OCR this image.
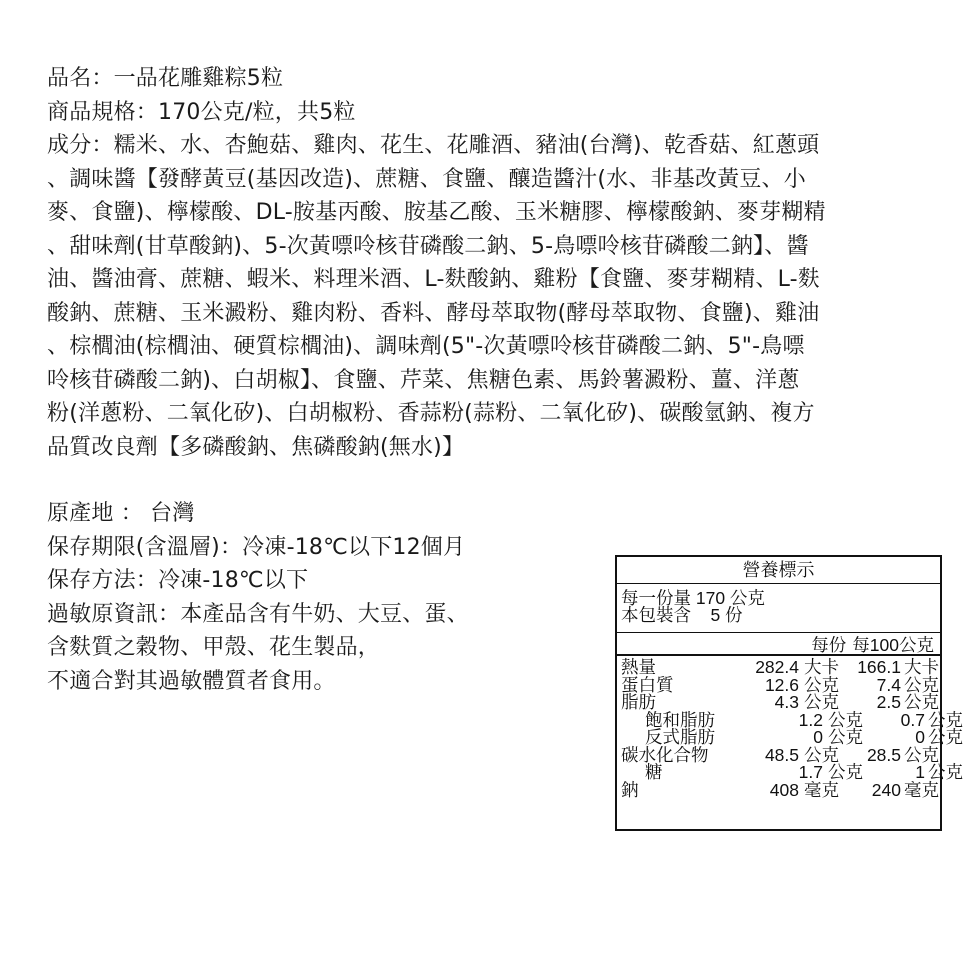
品名：一品花雕雞粽5粒

商品規格：170公克/粒，共5粒

成分：糯米、水、杏鮑菇、雞肉、花生、花雕酒、豬油(台灣)、乾香菇、紅蔥頭
、調味醬【發酵黃豆(基因改造)、蔗糖、食鹽、釀造醬汁(水、非基改黃豆、小
麥、食鹽)、檸檬酸、DL-胺基丙酸、胺基乙酸、玉米糖膠、檸檬酸鈉、麥芽糊精
、甜味劑(甘草酸鈉)、5-次黃嘌呤核苷磷酸二鈉、5-鳥嘌呤核苷磷酸二鈉】、醬
油、醬油膏、蔗糖、蝦米、料理米酒、L-麩酸鈉、雞粉【食鹽、麥芽糊精、L-麩
酸鈉、蔗糖、玉米澱粉、雞肉粉、香料、酵母萃取物(酵母萃取物、食鹽)、雞油
、棕櫚油(棕櫚油、硬質棕櫚油)、調味劑(5"-次黃嘌呤核苷磷酸二鈉、5"-鳥嘌
呤核苷磷酸二鈉)、白胡椒】、食鹽、芹菜、焦糖色素、馬鈴薯澱粉、薑、洋蔥
粉(洋蔥粉、二氧化矽)、白胡椒粉、香蒜粉(蒜粉、二氧化矽)、碳酸氫鈉、複方
品質改良劑【多磷酸鈉、焦磷酸鈉(無水)】

原產地 ： 台灣

保存期限(含溫層)：冷凍-18℃以下12個月

保存方法：冷凍-18℃以下

過敏原資訊：本產品含有牛奶、大豆、蛋、
含麩質之穀物、甲殼、花生製品，
不適合對其過敏體質者食用。
營養標示
每一份量 170 公克
本包裝含    5 份
每份 每100公克
熱量	282.4 大卡	166.1 大卡
蛋白質	12.6 公克	7.4 公克
脂肪	4.3 公克	2.5 公克
飽和脂肪	1.2 公克	0.7 公克
反式脂肪	0 公克	0 公克
碳水化合物	48.5 公克	28.5 公克
糖	1.7 公克	1 公克
鈉	408 毫克	240 毫克
